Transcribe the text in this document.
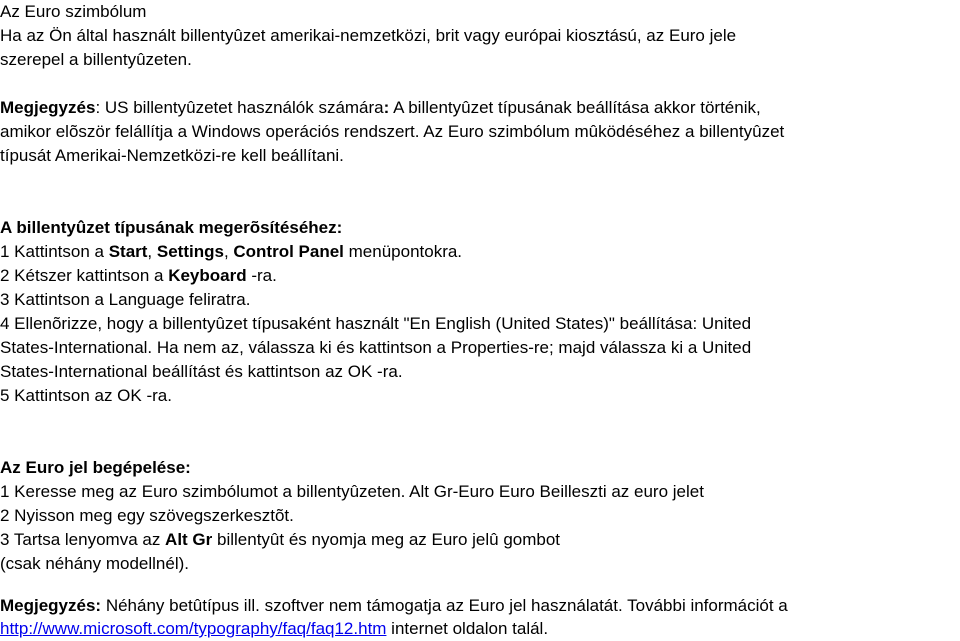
Az Euro szimbólum
Ha az Ön által használt billentyûzet amerikai-nemzetközi, brit vagy európai kiosztású, az Euro jele
szerepel a billentyûzeten.
Megjegyzés: US billentyûzetet használók számára: A billentyûzet típusának beállítása akkor történik,
amikor elõször felállítja a Windows operációs rendszert. Az Euro szimbólum mûködéséhez a billentyûzet
típusát Amerikai-Nemzetközi-re kell beállítani.
A billentyûzet típusának megerõsítéséhez:
1 Kattintson a Start, Settings, Control Panel menüpontokra.
2 Kétszer kattintson a Keyboard -ra.
3 Kattintson a Language feliratra.
4 Ellenõrizze, hogy a billentyûzet típusaként használt "En English (United States)" beállítása: United
States-International. Ha nem az, válassza ki és kattintson a Properties-re; majd válassza ki a United
States-International beállítást és kattintson az OK -ra.
5 Kattintson az OK -ra.
Az Euro jel begépelése:
1 Keresse meg az Euro szimbólumot a billentyûzeten. Alt Gr-Euro Euro Beilleszti az euro jelet
2 Nyisson meg egy szövegszerkesztõt.
3 Tartsa lenyomva az Alt Gr billentyût és nyomja meg az Euro jelû gombot
(csak néhány modellnél).
Megjegyzés: Néhány betûtípus ill. szoftver nem támogatja az Euro jel használatát. További információt a
http://www.microsoft.com/typography/faq/faq12.htm internet oldalon talál.
